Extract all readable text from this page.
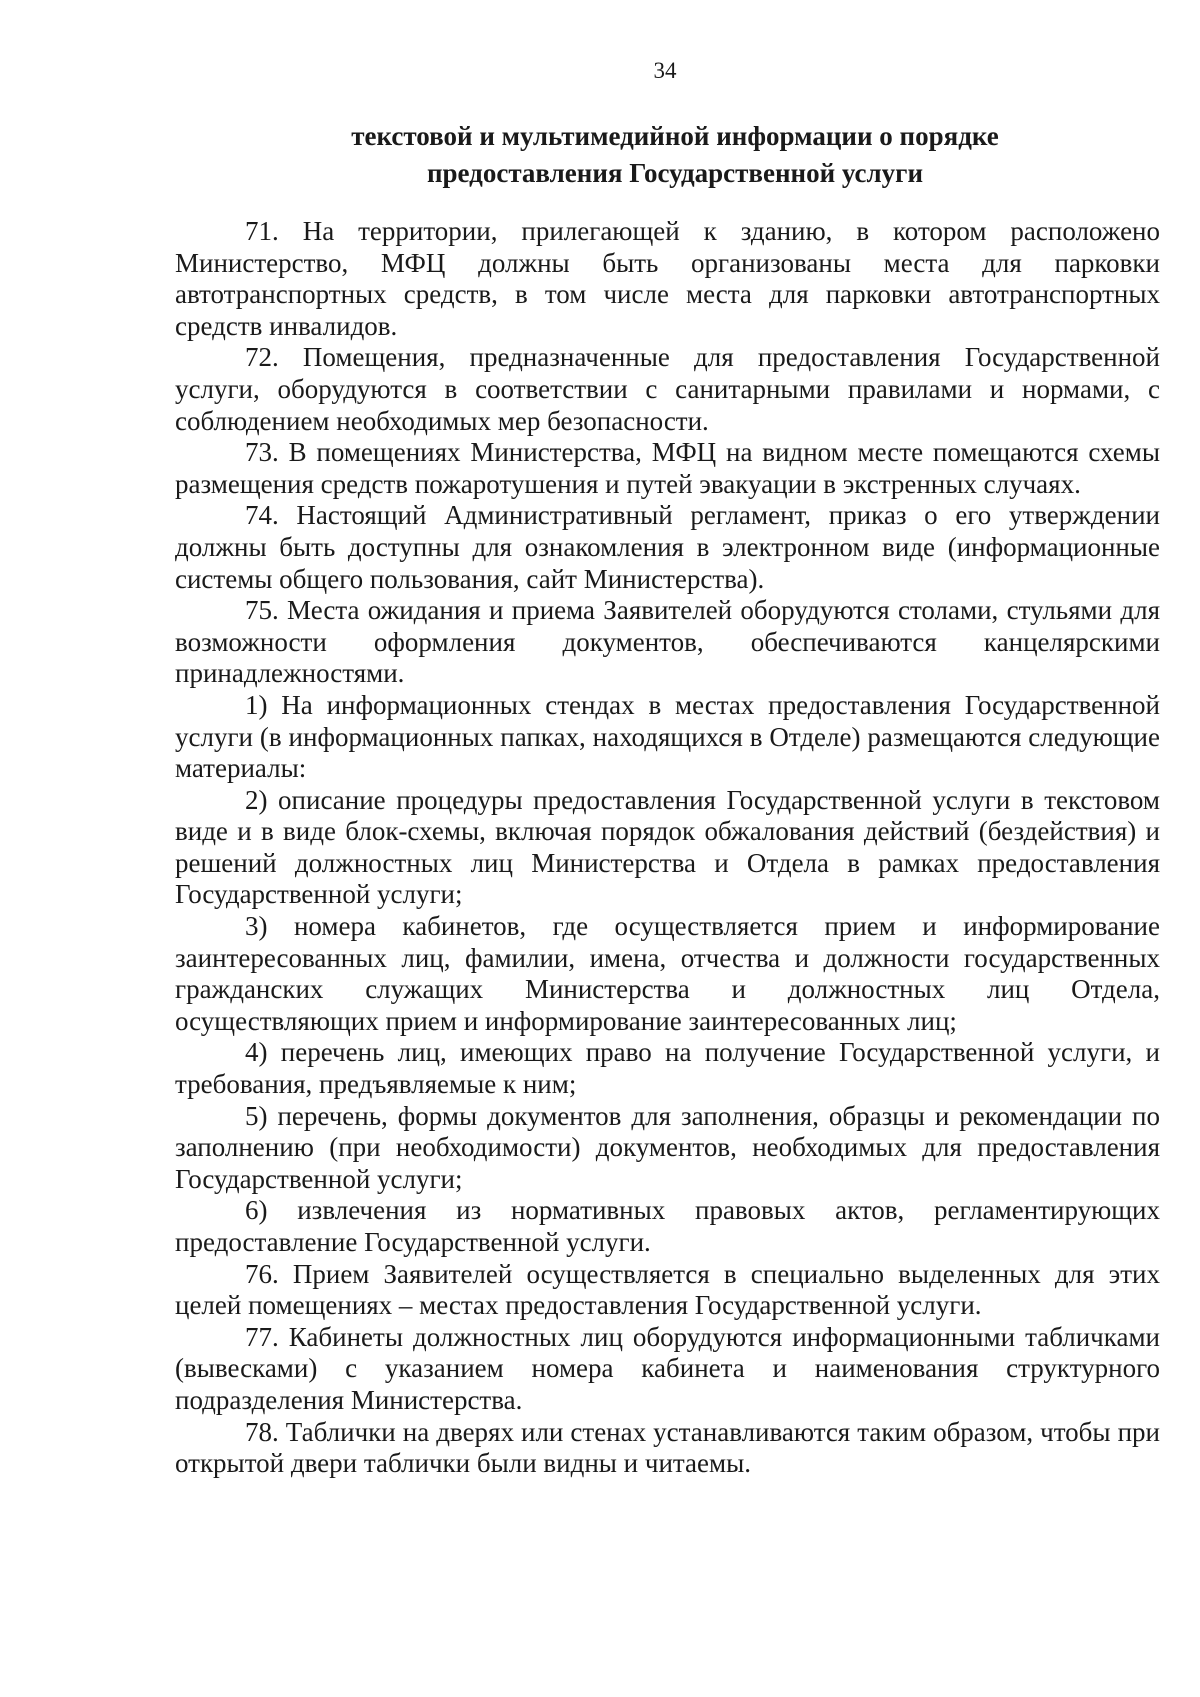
34
текстовой и мультимедийной информации о порядке
предоставления Государственной услуги

71. На территории, прилегающей к зданию, в котором расположено Министерство, МФЦ должны быть организованы места для парковки автотранспортных средств, в том числе места для парковки автотранспортных средств инвалидов.

72. Помещения, предназначенные для предоставления Государственной услуги, оборудуются в соответствии с санитарными правилами и нормами, с соблюдением необходимых мер безопасности.

73. В помещениях Министерства, МФЦ на видном месте помещаются схемы размещения средств пожаротушения и путей эвакуации в экстренных случаях.

74. Настоящий Административный регламент, приказ о его утверждении должны быть доступны для ознакомления в электронном виде (информационные системы общего пользования, сайт Министерства).

75. Места ожидания и приема Заявителей оборудуются столами, стульями для возможности оформления документов, обеспечиваются канцелярскими принадлежностями.

1) На информационных стендах в местах предоставления Государственной услуги (в информационных папках, находящихся в Отделе) размещаются следующие материалы:

2) описание процедуры предоставления Государственной услуги в текстовом виде и в виде блок-схемы, включая порядок обжалования действий (бездействия) и решений должностных лиц Министерства и Отдела в рамках предоставления Государственной услуги;

3) номера кабинетов, где осуществляется прием и информирование заинтересованных лиц, фамилии, имена, отчества и должности государственных гражданских служащих Министерства и должностных лиц Отдела, осуществляющих прием и информирование заинтересованных лиц;

4) перечень лиц, имеющих право на получение Государственной услуги, и требования, предъявляемые к ним;

5) перечень, формы документов для заполнения, образцы и рекомендации по заполнению (при необходимости) документов, необходимых для предоставления Государственной услуги;

6) извлечения из нормативных правовых актов, регламентирующих предоставление Государственной услуги.

76. Прием Заявителей осуществляется в специально выделенных для этих целей помещениях – местах предоставления Государственной услуги.

77. Кабинеты должностных лиц оборудуются информационными табличками (вывесками) с указанием номера кабинета и наименования структурного подразделения Министерства.

78. Таблички на дверях или стенах устанавливаются таким образом, чтобы при открытой двери таблички были видны и читаемы.
